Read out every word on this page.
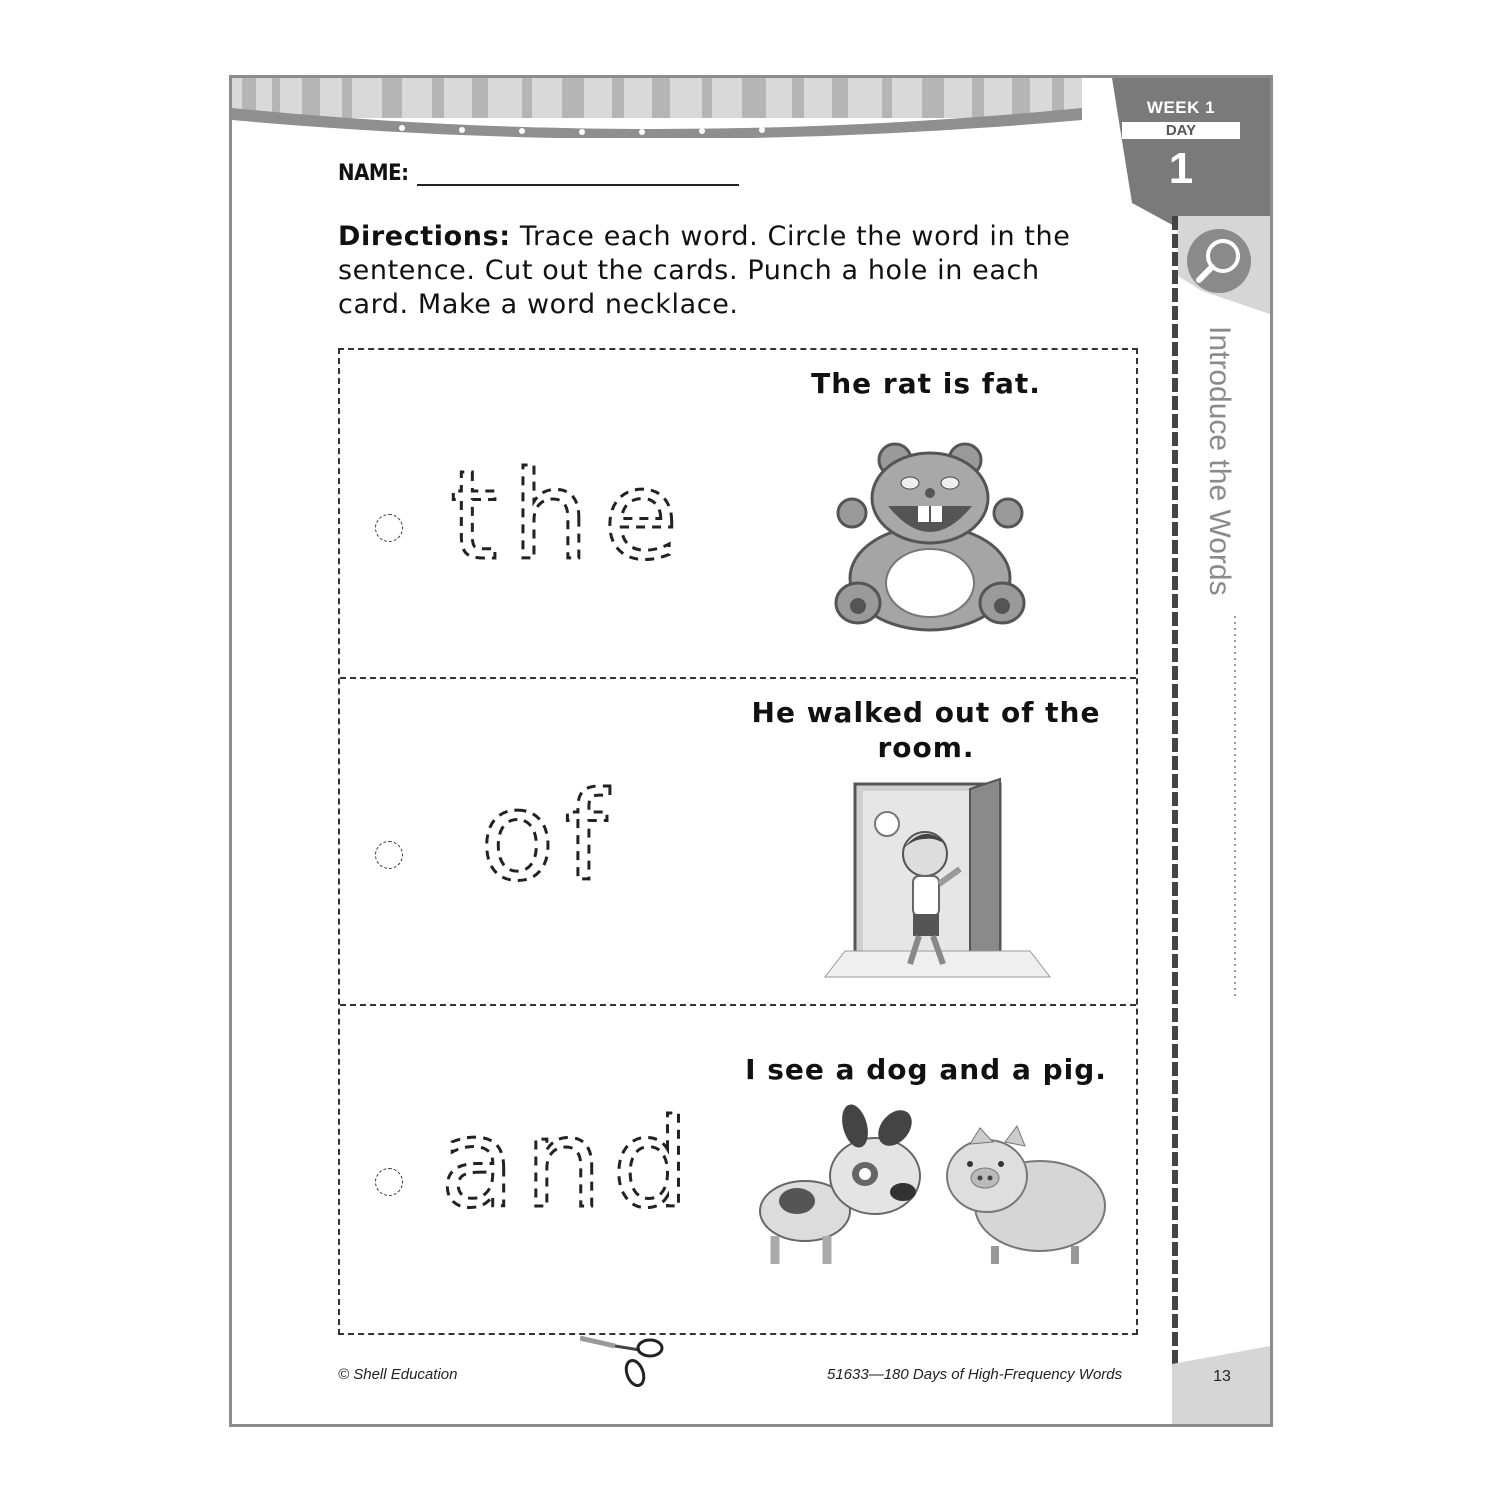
WEEK 1
DAY
1
Introduce the Words
NAME:
Directions: Trace each word. Circle the word in the sentence. Cut out the cards. Punch a hole in each card. Make a word necklace.
the
The rat is fat.
of
He walked out of the room.
and
I see a dog and a pig.
© Shell Education	51633—180 Days of High-Frequency Words	13
